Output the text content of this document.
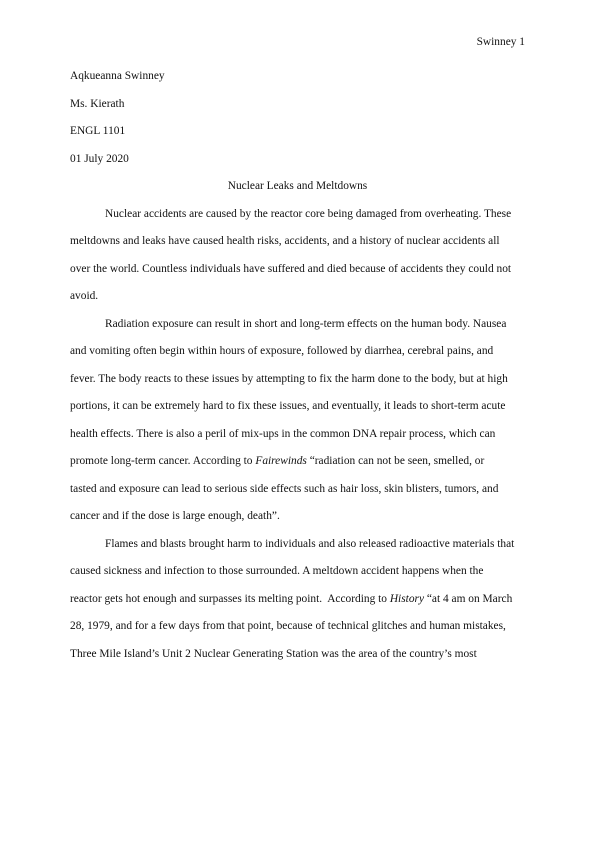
Swinney 1
Aqkueanna Swinney
Ms. Kierath
ENGL 1101
01 July 2020
Nuclear Leaks and Meltdowns
Nuclear accidents are caused by the reactor core being damaged from overheating. These
meltdowns and leaks have caused health risks, accidents, and a history of nuclear accidents all
over the world. Countless individuals have suffered and died because of accidents they could not
avoid.
Radiation exposure can result in short and long-term effects on the human body. Nausea
and vomiting often begin within hours of exposure, followed by diarrhea, cerebral pains, and
fever. The body reacts to these issues by attempting to fix the harm done to the body, but at high
portions, it can be extremely hard to fix these issues, and eventually, it leads to short-term acute
health effects. There is also a peril of mix-ups in the common DNA repair process, which can
promote long-term cancer. According to Fairewinds “radiation can not be seen, smelled, or
tasted and exposure can lead to serious side effects such as hair loss, skin blisters, tumors, and
cancer and if the dose is large enough, death”.
Flames and blasts brought harm to individuals and also released radioactive materials that
caused sickness and infection to those surrounded. A meltdown accident happens when the
reactor gets hot enough and surpasses its melting point.  According to History “at 4 am on March
28, 1979, and for a few days from that point, because of technical glitches and human mistakes,
Three Mile Island’s Unit 2 Nuclear Generating Station was the area of the country’s most
